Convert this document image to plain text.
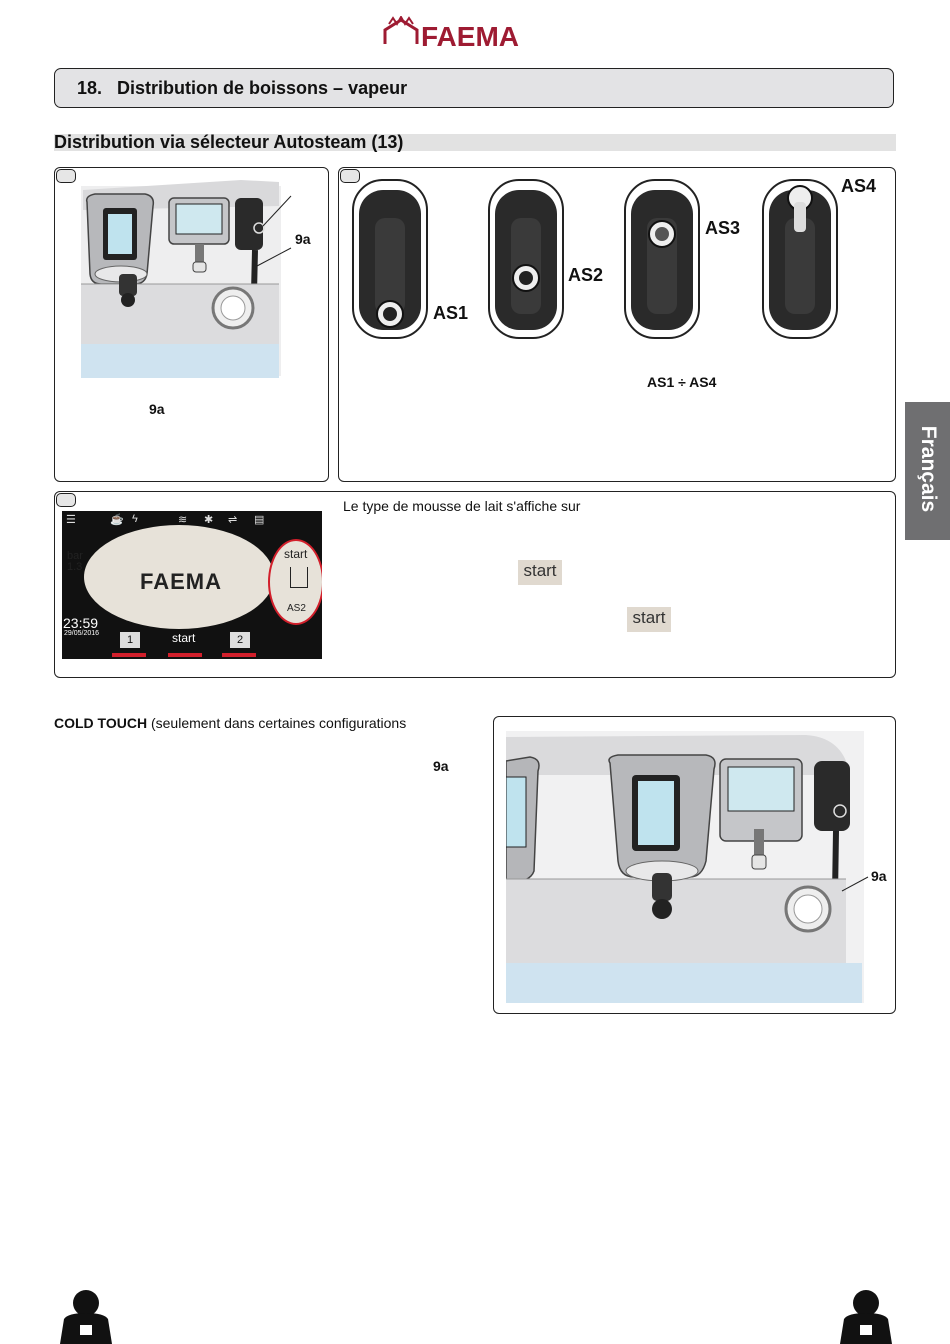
FAEMA
18. Distribution de boissons – vapeur
Distribution via sélecteur Autosteam (13)
9a
9a
AS1
AS2
AS3
AS4
AS1 ÷ AS4
☰	☕ ϟ	≋ ✱ ⇌ ▤
bar
1.3
FAEMA
23:59
29/05/2016
1	start	2
start
AS2
Le type de mousse de lait s'affiche sur
start
start
COLD TOUCH (seulement dans certaines configurations
9a
9a
Français
